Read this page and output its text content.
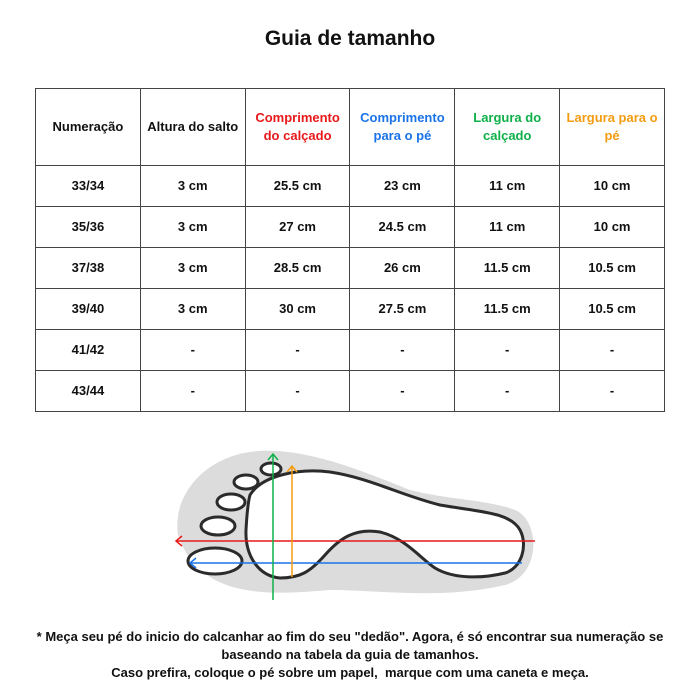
Guia de tamanho
Numeração	Altura do salto	Comprimento do calçado	Comprimento para o pé	Largura do calçado	Largura para o pé
33/34	3 cm	25.5 cm	23 cm	11 cm	10 cm
35/36	3 cm	27 cm	24.5 cm	11 cm	10 cm
37/38	3 cm	28.5 cm	26 cm	11.5 cm	10.5 cm
39/40	3 cm	30 cm	27.5 cm	11.5 cm	10.5 cm
41/42	-	-	-	-	-
43/44	-	-	-	-	-
* Meça seu pé do inicio do calcanhar ao fim do seu "dedão". Agora, é só encontrar sua numeração se
baseando na tabela da guia de tamanhos.
Caso prefira, coloque o pé sobre um papel,  marque com uma caneta e meça.
